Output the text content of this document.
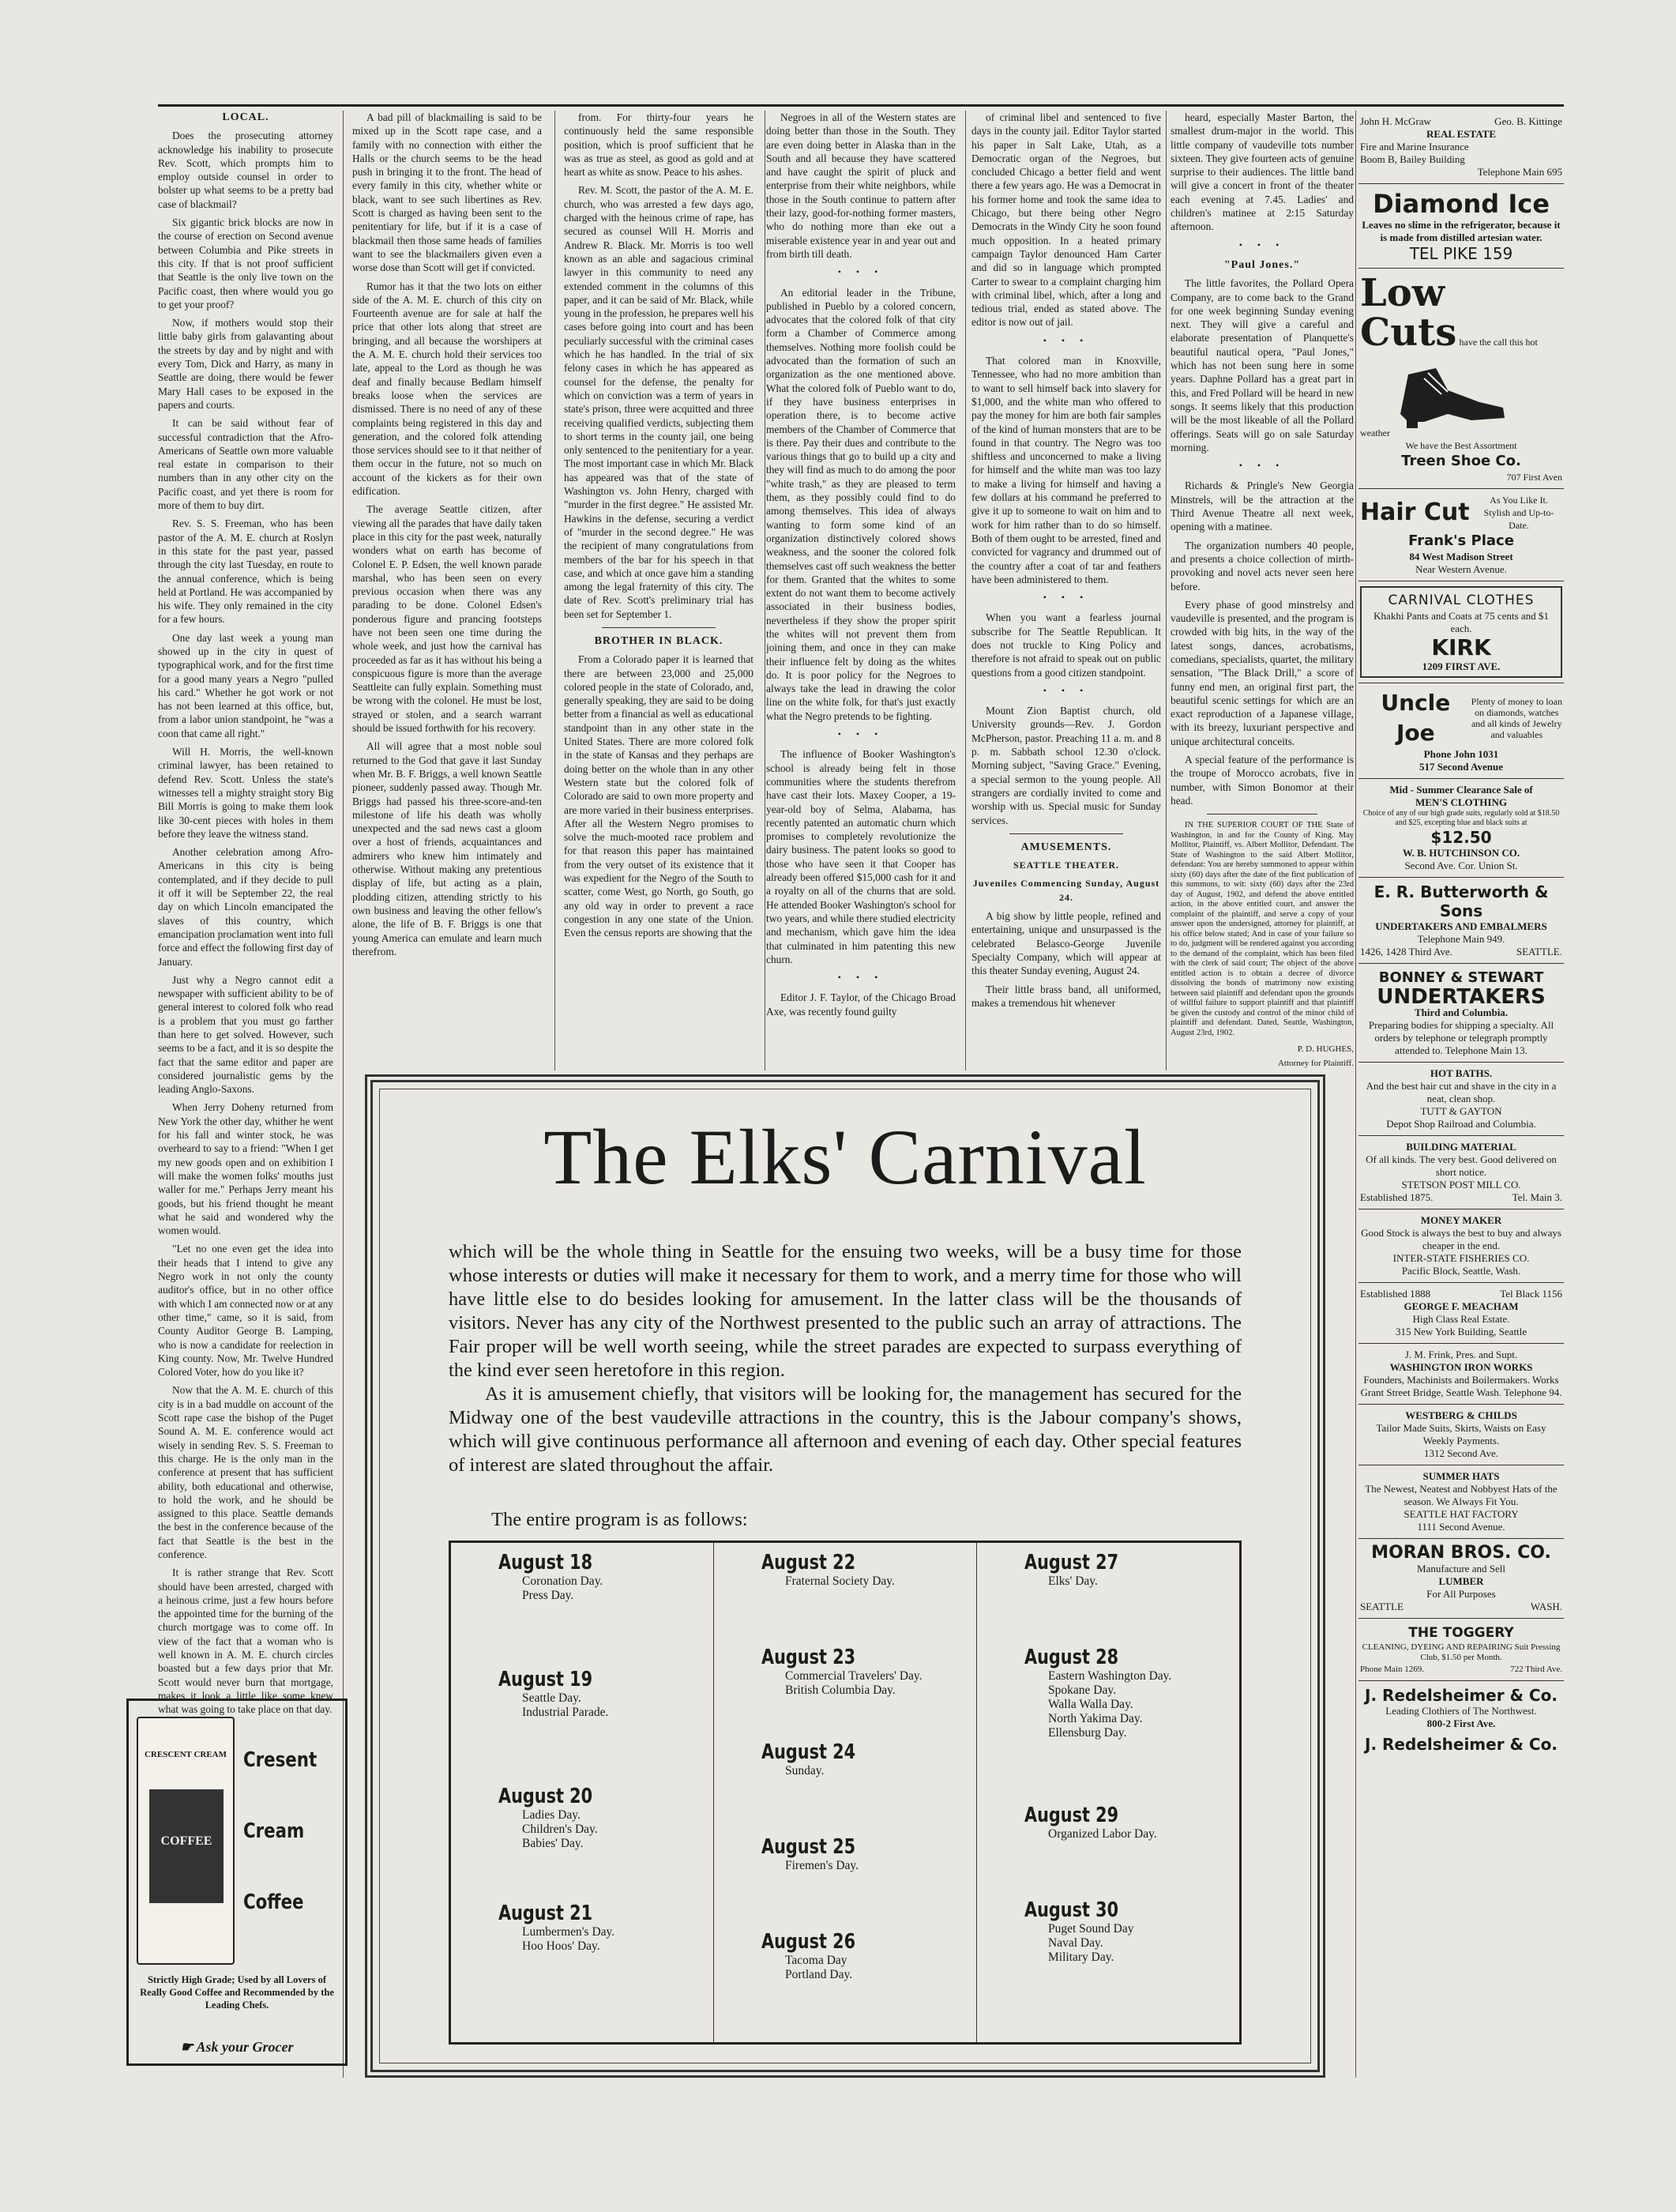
LOCAL.

Does the prosecuting attorney acknowledge his inability to prosecute Rev. Scott, which prompts him to employ outside counsel in order to bolster up what seems to be a pretty bad case of blackmail?

Six gigantic brick blocks are now in the course of erection on Second avenue between Columbia and Pike streets in this city. If that is not proof sufficient that Seattle is the only live town on the Pacific coast, then where would you go to get your proof?

Now, if mothers would stop their little baby girls from galavanting about the streets by day and by night and with every Tom, Dick and Harry, as many in Seattle are doing, there would be fewer Mary Hall cases to be exposed in the papers and courts.

It can be said without fear of successful contradiction that the Afro-Americans of Seattle own more valuable real estate in comparison to their numbers than in any other city on the Pacific coast, and yet there is room for more of them to buy dirt.

Rev. S. S. Freeman, who has been pastor of the A. M. E. church at Roslyn in this state for the past year, passed through the city last Tuesday, en route to the annual conference, which is being held at Portland. He was accompanied by his wife. They only remained in the city for a few hours.

One day last week a young man showed up in the city in quest of typographical work, and for the first time for a good many years a Negro "pulled his card." Whether he got work or not has not been learned at this office, but, from a labor union standpoint, he "was a coon that came all right."

Will H. Morris, the well-known criminal lawyer, has been retained to defend Rev. Scott. Unless the state's witnesses tell a mighty straight story Big Bill Morris is going to make them look like 30-cent pieces with holes in them before they leave the witness stand.

Another celebration among Afro-Americans in this city is being contemplated, and if they decide to pull it off it will be September 22, the real day on which Lincoln emancipated the slaves of this country, which emancipation proclamation went into full force and effect the following first day of January.

Just why a Negro cannot edit a newspaper with sufficient ability to be of general interest to colored folk who read is a problem that you must go farther than here to get solved. However, such seems to be a fact, and it is so despite the fact that the same editor and paper are considered journalistic gems by the leading Anglo-Saxons.

When Jerry Doheny returned from New York the other day, whither he went for his fall and winter stock, he was overheard to say to a friend: "When I get my new goods open and on exhibition I will make the women folks' mouths just waller for me." Perhaps Jerry meant his goods, but his friend thought he meant what he said and wondered why the women would.

"Let no one even get the idea into their heads that I intend to give any Negro work in not only the county auditor's office, but in no other office with which I am connected now or at any other time," came, so it is said, from County Auditor George B. Lamping, who is now a candidate for reelection in King county. Now, Mr. Twelve Hundred Colored Voter, how do you like it?

Now that the A. M. E. church of this city is in a bad muddle on account of the Scott rape case the bishop of the Puget Sound A. M. E. conference would act wisely in sending Rev. S. S. Freeman to this charge. He is the only man in the conference at present that has sufficient ability, both educational and otherwise, to hold the work, and he should be assigned to this place. Seattle demands the best in the conference because of the fact that Seattle is the best in the conference.

It is rather strange that Rev. Scott should have been arrested, charged with a heinous crime, just a few hours before the appointed time for the burning of the church mortgage was to come off. In view of the fact that a woman who is well known in A. M. E. church circles boasted but a few days prior that Mr. Scott would never burn that mortgage, makes it look a little like some knew what was going to take place on that day.

A bad pill of blackmailing is said to be mixed up in the Scott rape case, and a family with no connection with either the Halls or the church seems to be the head push in bringing it to the front. The head of every family in this city, whether white or black, want to see such libertines as Rev. Scott is charged as having been sent to the penitentiary for life, but if it is a case of blackmail then those same heads of families want to see the blackmailers given even a worse dose than Scott will get if convicted.

Rumor has it that the two lots on either side of the A. M. E. church of this city on Fourteenth avenue are for sale at half the price that other lots along that street are bringing, and all because the worshipers at the A. M. E. church hold their services too late, appeal to the Lord as though he was deaf and finally because Bedlam himself breaks loose when the services are dismissed. There is no need of any of these complaints being registered in this day and generation, and the colored folk attending those services should see to it that neither of them occur in the future, not so much on account of the kickers as for their own edification.

The average Seattle citizen, after viewing all the parades that have daily taken place in this city for the past week, naturally wonders what on earth has become of Colonel E. P. Edsen, the well known parade marshal, who has been seen on every previous occasion when there was any parading to be done. Colonel Edsen's ponderous figure and prancing footsteps have not been seen one time during the whole week, and just how the carnival has proceeded as far as it has without his being a conspicuous figure is more than the average Seattleite can fully explain. Something must be wrong with the colonel. He must be lost, strayed or stolen, and a search warrant should be issued forthwith for his recovery.

All will agree that a most noble soul returned to the God that gave it last Sunday when Mr. B. F. Briggs, a well known Seattle pioneer, suddenly passed away. Though Mr. Briggs had passed his three-score-and-ten milestone of life his death was wholly unexpected and the sad news cast a gloom over a host of friends, acquaintances and admirers who knew him intimately and otherwise. Without making any pretentious display of life, but acting as a plain, plodding citizen, attending strictly to his own business and leaving the other fellow's alone, the life of B. F. Briggs is one that young America can emulate and learn much therefrom.

from. For thirty-four years he continuously held the same responsible position, which is proof sufficient that he was as true as steel, as good as gold and at heart as white as snow. Peace to his ashes.

Rev. M. Scott, the pastor of the A. M. E. church, who was arrested a few days ago, charged with the heinous crime of rape, has secured as counsel Will H. Morris and Andrew R. Black. Mr. Morris is too well known as an able and sagacious criminal lawyer in this community to need any extended comment in the columns of this paper, and it can be said of Mr. Black, while young in the profession, he prepares well his cases before going into court and has been peculiarly successful with the criminal cases which he has handled. In the trial of six felony cases in which he has appeared as counsel for the defense, the penalty for which on conviction was a term of years in state's prison, three were acquitted and three receiving qualified verdicts, subjecting them to short terms in the county jail, one being only sentenced to the penitentiary for a year. The most important case in which Mr. Black has appeared was that of the state of Washington vs. John Henry, charged with "murder in the first degree." He assisted Mr. Hawkins in the defense, securing a verdict of "murder in the second degree." He was the recipient of many congratulations from members of the bar for his speech in that case, and which at once gave him a standing among the legal fraternity of this city. The date of Rev. Scott's preliminary trial has been set for September 1.

BROTHER IN BLACK.

From a Colorado paper it is learned that there are between 23,000 and 25,000 colored people in the state of Colorado, and, generally speaking, they are said to be doing better from a financial as well as educational standpoint than in any other state in the United States. There are more colored folk in the state of Kansas and they perhaps are doing better on the whole than in any other Western state but the colored folk of Colorado are said to own more property and are more varied in their business enterprises. After all the Western Negro promises to solve the much-mooted race problem and for that reason this paper has maintained from the very outset of its existence that it was expedient for the Negro of the South to scatter, come West, go North, go South, go any old way in order to prevent a race congestion in any one state of the Union. Even the census reports are showing that the

Negroes in all of the Western states are doing better than those in the South. They are even doing better in Alaska than in the South and all because they have scattered and have caught the spirit of pluck and enterprise from their white neighbors, while those in the South continue to pattern after their lazy, good-for-nothing former masters, who do nothing more than eke out a miserable existence year in and year out and from birth till death.

• • •

An editorial leader in the Tribune, published in Pueblo by a colored concern, advocates that the colored folk of that city form a Chamber of Commerce among themselves. Nothing more foolish could be advocated than the formation of such an organization as the one mentioned above. What the colored folk of Pueblo want to do, if they have business enterprises in operation there, is to become active members of the Chamber of Commerce that is there. Pay their dues and contribute to the various things that go to build up a city and they will find as much to do among the poor "white trash," as they are pleased to term them, as they possibly could find to do among themselves. This idea of always wanting to form some kind of an organization distinctively colored shows weakness, and the sooner the colored folk themselves cast off such weakness the better for them. Granted that the whites to some extent do not want them to become actively associated in their business bodies, nevertheless if they show the proper spirit the whites will not prevent them from joining them, and once in they can make their influence felt by doing as the whites do. It is poor policy for the Negroes to always take the lead in drawing the color line on the white folk, for that's just exactly what the Negro pretends to be fighting.

• • •

The influence of Booker Washington's school is already being felt in those communities where the students therefrom have cast their lots. Maxey Cooper, a 19-year-old boy of Selma, Alabama, has recently patented an automatic churn which promises to completely revolutionize the dairy business. The patent looks so good to those who have seen it that Cooper has already been offered $15,000 cash for it and a royalty on all of the churns that are sold. He attended Booker Washington's school for two years, and while there studied electricity and mechanism, which gave him the idea that culminated in him patenting this new churn.

• • •

Editor J. F. Taylor, of the Chicago Broad Axe, was recently found guilty

of criminal libel and sentenced to five days in the county jail. Editor Taylor started his paper in Salt Lake, Utah, as a Democratic organ of the Negroes, but concluded Chicago a better field and went there a few years ago. He was a Democrat in his former home and took the same idea to Chicago, but there being other Negro Democrats in the Windy City he soon found much opposition. In a heated primary campaign Taylor denounced Ham Carter and did so in language which prompted Carter to swear to a complaint charging him with criminal libel, which, after a long and tedious trial, ended as stated above. The editor is now out of jail.

• • •

That colored man in Knoxville, Tennessee, who had no more ambition than to want to sell himself back into slavery for $1,000, and the white man who offered to pay the money for him are both fair samples of the kind of human monsters that are to be found in that country. The Negro was too shiftless and unconcerned to make a living for himself and the white man was too lazy to make a living for himself and having a few dollars at his command he preferred to give it up to someone to wait on him and to work for him rather than to do so himself. Both of them ought to be arrested, fined and convicted for vagrancy and drummed out of the country after a coat of tar and feathers have been administered to them.

• • •

When you want a fearless journal subscribe for The Seattle Republican. It does not truckle to King Policy and therefore is not afraid to speak out on public questions from a good citizen standpoint.

• • •

Mount Zion Baptist church, old University grounds—Rev. J. Gordon McPherson, pastor. Preaching 11 a. m. and 8 p. m. Sabbath school 12.30 o'clock. Morning subject, "Saving Grace." Evening, a special sermon to the young people. All strangers are cordially invited to come and worship with us. Special music for Sunday services.

AMUSEMENTS.

SEATTLE THEATER.

Juveniles Commencing Sunday, August 24.

A big show by little people, refined and entertaining, unique and unsurpassed is the celebrated Belasco-George Juvenile Specialty Company, which will appear at this theater Sunday evening, August 24.

Their little brass band, all uniformed, makes a tremendous hit whenever

heard, especially Master Barton, the smallest drum-major in the world. This little company of vaudeville tots number sixteen. They give fourteen acts of genuine surprise to their audiences. The little band will give a concert in front of the theater each evening at 7.45. Ladies' and children's matinee at 2:15 Saturday afternoon.

• • •

"Paul Jones."

The little favorites, the Pollard Opera Company, are to come back to the Grand for one week beginning Sunday evening next. They will give a careful and elaborate presentation of Planquette's beautiful nautical opera, "Paul Jones," which has not been sung here in some years. Daphne Pollard has a great part in this, and Fred Pollard will be heard in new songs. It seems likely that this production will be the most likeable of all the Pollard offerings. Seats will go on sale Saturday morning.

• • •

Richards & Pringle's New Georgia Minstrels, will be the attraction at the Third Avenue Theatre all next week, opening with a matinee.

The organization numbers 40 people, and presents a choice collection of mirth-provoking and novel acts never seen here before.

Every phase of good minstrelsy and vaudeville is presented, and the program is crowded with big hits, in the way of the latest songs, dances, acrobatisms, comedians, specialists, quartet, the military sensation, "The Black Drill," a score of funny end men, an original first part, the beautiful scenic settings for which are an exact reproduction of a Japanese village, with its breezy, luxuriant perspective and unique architectural conceits.

A special feature of the performance is the troupe of Morocco acrobats, five in number, with Simon Bonomor at their head.

IN THE SUPERIOR COURT OF THE State of Washington, in and for the County of King. May Mollitor, Plaintiff, vs. Albert Mollitor, Defendant. The State of Washington to the said Albert Mollitor, defendant: You are hereby summoned to appear within sixty (60) days after the date of the first publication of this summons, to wit: sixty (60) days after the 23rd day of August, 1902, and defend the above entitled action, in the above entitled court, and answer the complaint of the plaintiff, and serve a copy of your answer upon the undersigned, attorney for plaintiff, at his office below stated; And in case of your failure so to do, judgment will be rendered against you according to the demand of the complaint, which has been filed with the clerk of said court; The object of the above entitled action is to obtain a decree of divorce dissolving the bonds of matrimony now existing between said plaintiff and defendant upon the grounds of willful failure to support plaintiff and that plaintiff be given the custody and control of the minor child of plaintiff and defendant. Dated, Seattle, Washington, August 23rd, 1902.

P. D. HUGHES,
Attorney for Plaintiff.
CRESCENT CREAM
COFFEE
Cresent
Cream
Coffee
Strictly High Grade; Used by all Lovers of Really Good Coffee and Recommended by the Leading Chefs.
☛ Ask your Grocer
The Elks' Carnival

which will be the whole thing in Seattle for the ensuing two weeks, will be a busy time for those whose interests or duties will make it necessary for them to work, and a merry time for those who will have little else to do besides looking for amusement. In the latter class will be the thousands of visitors. Never has any city of the Northwest presented to the public such an array of attractions. The Fair proper will be well worth seeing, while the street parades are expected to surpass everything of the kind ever seen heretofore in this region.

As it is amusement chiefly, that visitors will be looking for, the management has secured for the Midway one of the best vaudeville attractions in the country, this is the Jabour company's shows, which will give continuous performance all afternoon and evening of each day. Other special features of interest are slated throughout the affair.

The entire program is as follows:
August 18
Coronation Day.
Press Day.
August 19
Seattle Day.
Industrial Parade.
August 20
Ladies Day.
Children's Day.
Babies' Day.
August 21
Lumbermen's Day.
Hoo Hoos' Day.
August 22
Fraternal Society Day.
August 23
Commercial Travelers' Day.
British Columbia Day.
August 24
Sunday.
August 25
Firemen's Day.
August 26
Tacoma Day
Portland Day.
August 27
Elks' Day.
August 28
Eastern Washington Day.
Spokane Day.
Walla Walla Day.
North Yakima Day.
Ellensburg Day.
August 29
Organized Labor Day.
August 30
Puget Sound Day
Naval Day.
Military Day.
John H. McGraw	Geo. B. Kittinge
REAL ESTATE
Fire and Marine Insurance
Boom B, Bailey Building
Telephone Main 695
Diamond Ice
Leaves no slime in the refrigerator, because it is made from distilled artesian water.
TEL PIKE 159
Low
Cuts have the call this hot weather
We have the Best Assortment
Treen Shoe Co.
707 First Aven
Hair Cut	As You Like It. Stylish and Up-to-Date.
Frank's Place
84 West Madison Street
Near Western Avenue.
CARNIVAL CLOTHES
Khakhi Pants and Coats at 75 cents and $1 each.
KIRK
1209 FIRST AVE.
Uncle Joe
Plenty of money to loan on diamonds, watches and all kinds of Jewelry and valuables
Phone John 1031
517 Second Avenue
Mid - Summer Clearance Sale of
MEN'S CLOTHING
Choice of any of our high grade suits, regularly sold at $18.50 and $25, excepting blue and black suits at
$12.50
W. B. HUTCHINSON CO.
Second Ave. Cor. Union St.
E. R. Butterworth & Sons
UNDERTAKERS AND EMBALMERS
Telephone Main 949.
1426, 1428 Third Ave.	SEATTLE.
BONNEY & STEWART
UNDERTAKERS
Third and Columbia.
Preparing bodies for shipping a specialty. All orders by telephone or telegraph promptly attended to. Telephone Main 13.
HOT BATHS.
And the best hair cut and shave in the city in a neat, clean shop.
TUTT & GAYTON
Depot Shop Railroad and Columbia.
BUILDING MATERIAL
Of all kinds. The very best. Good delivered on short notice.
STETSON POST MILL CO.
Established 1875.	Tel. Main 3.
MONEY MAKER
Good Stock is always the best to buy and always cheaper in the end.
INTER-STATE FISHERIES CO.
Pacific Block, Seattle, Wash.
Established 1888	Tel Black 1156
GEORGE F. MEACHAM
High Class Real Estate.
315 New York Building, Seattle
J. M. Frink, Pres. and Supt.
WASHINGTON IRON WORKS
Founders, Machinists and Boilermakers. Works Grant Street Bridge, Seattle Wash. Telephone 94.
WESTBERG & CHILDS
Tailor Made Suits, Skirts, Waists on Easy Weekly Payments.
1312 Second Ave.
SUMMER HATS
The Newest, Neatest and Nobbyest Hats of the season. We Always Fit You.
SEATTLE HAT FACTORY
1111 Second Avenue.
MORAN BROS. CO.
Manufacture and Sell
LUMBER
For All Purposes
SEATTLE	WASH.
THE TOGGERY
CLEANING, DYEING AND REPAIRING Suit Pressing Club, $1.50 per Month.
Phone Main 1269.	722 Third Ave.
J. Redelsheimer & Co.
Leading Clothiers of The Northwest.
800-2 First Ave.
J. Redelsheimer & Co.
